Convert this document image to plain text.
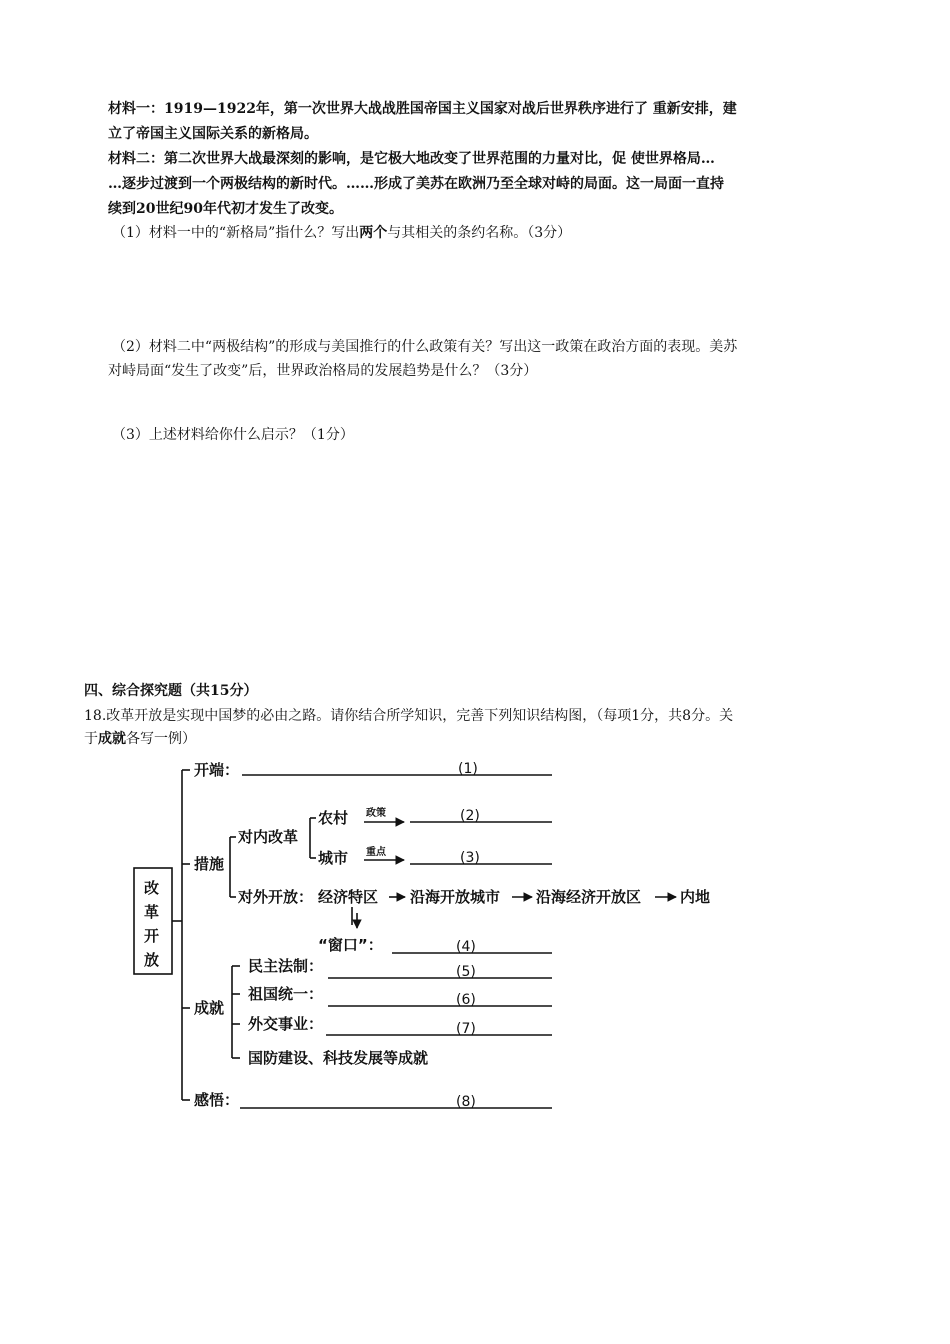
材料一：1919—1922年，第一次世界大战战胜国帝国主义国家对战后世界秩序进行了 重新安排，建
立了帝国主义国际关系的新格局。
材料二：第二次世界大战最深刻的影响，是它极大地改变了世界范围的力量对比，促 使世界格局…
…逐步过渡到一个两极结构的新时代。……形成了美苏在欧洲乃至全球对峙的局面。这一局面一直持
续到20世纪90年代初才发生了改变。
（1）材料一中的“新格局”指什么？写出两个与其相关的条约名称。（3分）
（2）材料二中“两极结构”的形成与美国推行的什么政策有关？写出这一政策在政治方面的表现。美苏
对峙局面“发生了改变”后，世界政治格局的发展趋势是什么？（3分）
（3）上述材料给你什么启示？（1分）
四、综合探究题（共15分）
18.改革开放是实现中国梦的必由之路。请你结合所学知识，完善下列知识结构图，（每项1分，共8分。关
于成就各写一例）
改
革
开
放
开端：
措施
对内改革
农村
城市
对外开放： 经济特区 沿海开放城市 沿海经济开放区	内地
“窗口”：
成就
民主法制：
祖国统一：
外交事业：
国防建设、科技发展等成就
感悟：
政策
重点
(1)
(2)
(3)
(4)
(5)
(6)
(7)
(8)
